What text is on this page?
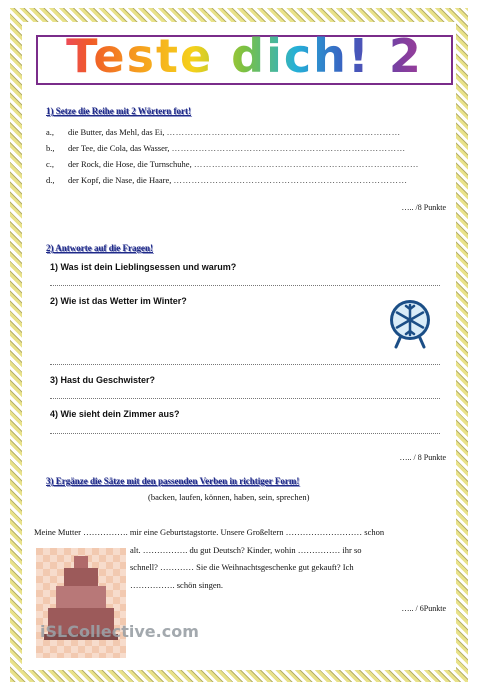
Teste dich! 2
1) Setze die Reihe mit 2 Wörtern fort!
a., die Butter, das Mehl, das Ei, ……………………………………………………………………
b., der Tee, die Cola, das Wasser, ……………………………………………………………………
c., der Rock, die Hose, die Turnschuhe, …………………………………………………………………
d., der Kopf, die Nase, die Haare, ……………………………………………………………………
….. /8 Punkte
2) Antworte auf die Fragen!
1) Was ist dein Lieblingsessen und warum?
2) Wie ist das Wetter im Winter?
3) Hast du Geschwister?
4) Wie sieht dein Zimmer aus?
….. / 8 Punkte
3) Ergänze die Sätze mit den passenden Verben in richtiger Form!
(backen, laufen, können, haben, sein, sprechen)
Meine Mutter ……………. mir eine Geburtstagstorte. Unsere Großeltern ……………………… schon
alt. ……………. du gut Deutsch? Kinder, wohin …………… ihr so
schnell? ………… Sie die Weihnachtsgeschenke gut gekauft? Ich
……………. schön singen.
iSLCollective.com
….. / 6Punkte
